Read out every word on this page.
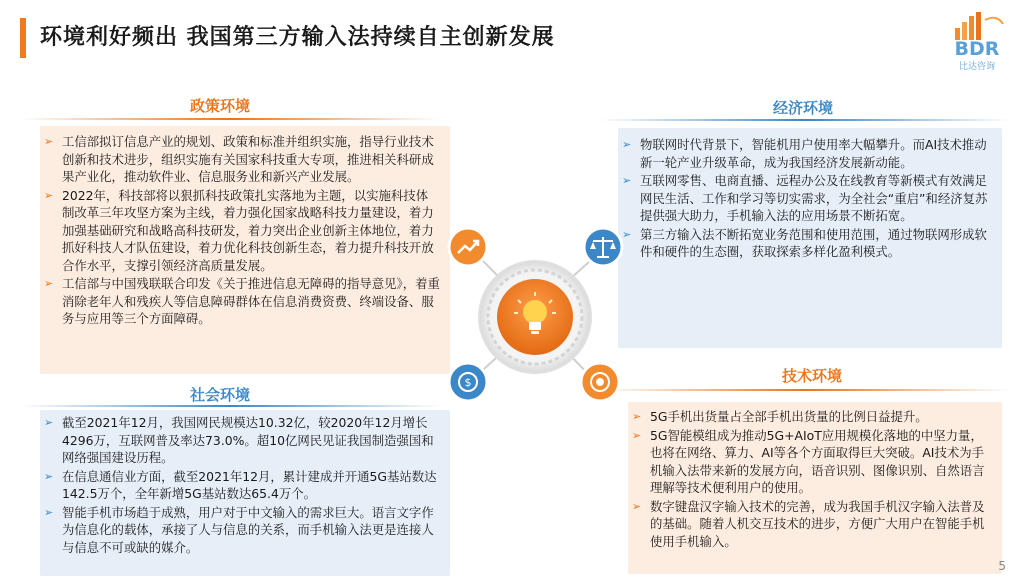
环境利好频出 我国第三方输入法持续自主创新发展	BDR
比达咨询
政策环境
➢ 工信部拟订信息产业的规划、政策和标准并组织实施，指导行业技术创新和技术进步，组织实施有关国家科技重大专项，推进相关科研成果产业化，推动软件业、信息服务业和新兴产业发展。
➢ 2022年，科技部将以狠抓科技政策扎实落地为主题，以实施科技体制改革三年攻坚方案为主线，着力强化国家战略科技力量建设，着力加强基础研究和战略高科技研发，着力突出企业创新主体地位，着力抓好科技人才队伍建设，着力优化科技创新生态，着力提升科技开放合作水平，支撑引领经济高质量发展。
➢ 工信部与中国残联联合印发《关于推进信息无障碍的指导意见》，着重消除老年人和残疾人等信息障碍群体在信息消费资费、终端设备、服务与应用等三个方面障碍。
社会环境
➢ 截至2021年12月，我国网民规模达10.32亿，较2020年12月增长4296万，互联网普及率达73.0%。超10亿网民见证我国制造强国和网络强国建设历程。
➢ 在信息通信业方面，截至2021年12月，累计建成并开通5G基站数达142.5万个，全年新增5G基站数达65.4万个。
➢ 智能手机市场趋于成熟，用户对于中文输入的需求巨大。语言文字作为信息化的载体，承接了人与信息的关系，而手机输入法更是连接人与信息不可或缺的媒介。
经济环境
➢ 物联网时代背景下，智能机用户使用率大幅攀升。而AI技术推动新一轮产业升级革命，成为我国经济发展新动能。
➢ 互联网零售、电商直播、远程办公及在线教育等新模式有效满足网民生活、工作和学习等切实需求，为全社会“重启”和经济复苏提供强大助力，手机输入法的应用场景不断拓宽。
➢ 第三方输入法不断拓宽业务范围和使用范围，通过物联网形成软件和硬件的生态圈，获取探索多样化盈利模式。
技术环境
➢ 5G手机出货量占全部手机出货量的比例日益提升。
➢ 5G智能模组成为推动5G+AIoT应用规模化落地的中坚力量，也将在网络、算力、AI等各个方面取得巨大突破。AI技术为手机输入法带来新的发展方向，语音识别、图像识别、自然语言理解等技术便利用户的使用。
➢ 数字键盘汉字输入技术的完善，成为我国手机汉字输入法普及的基础。随着人机交互技术的进步，方便广大用户在智能手机使用手机输入。
$
5
